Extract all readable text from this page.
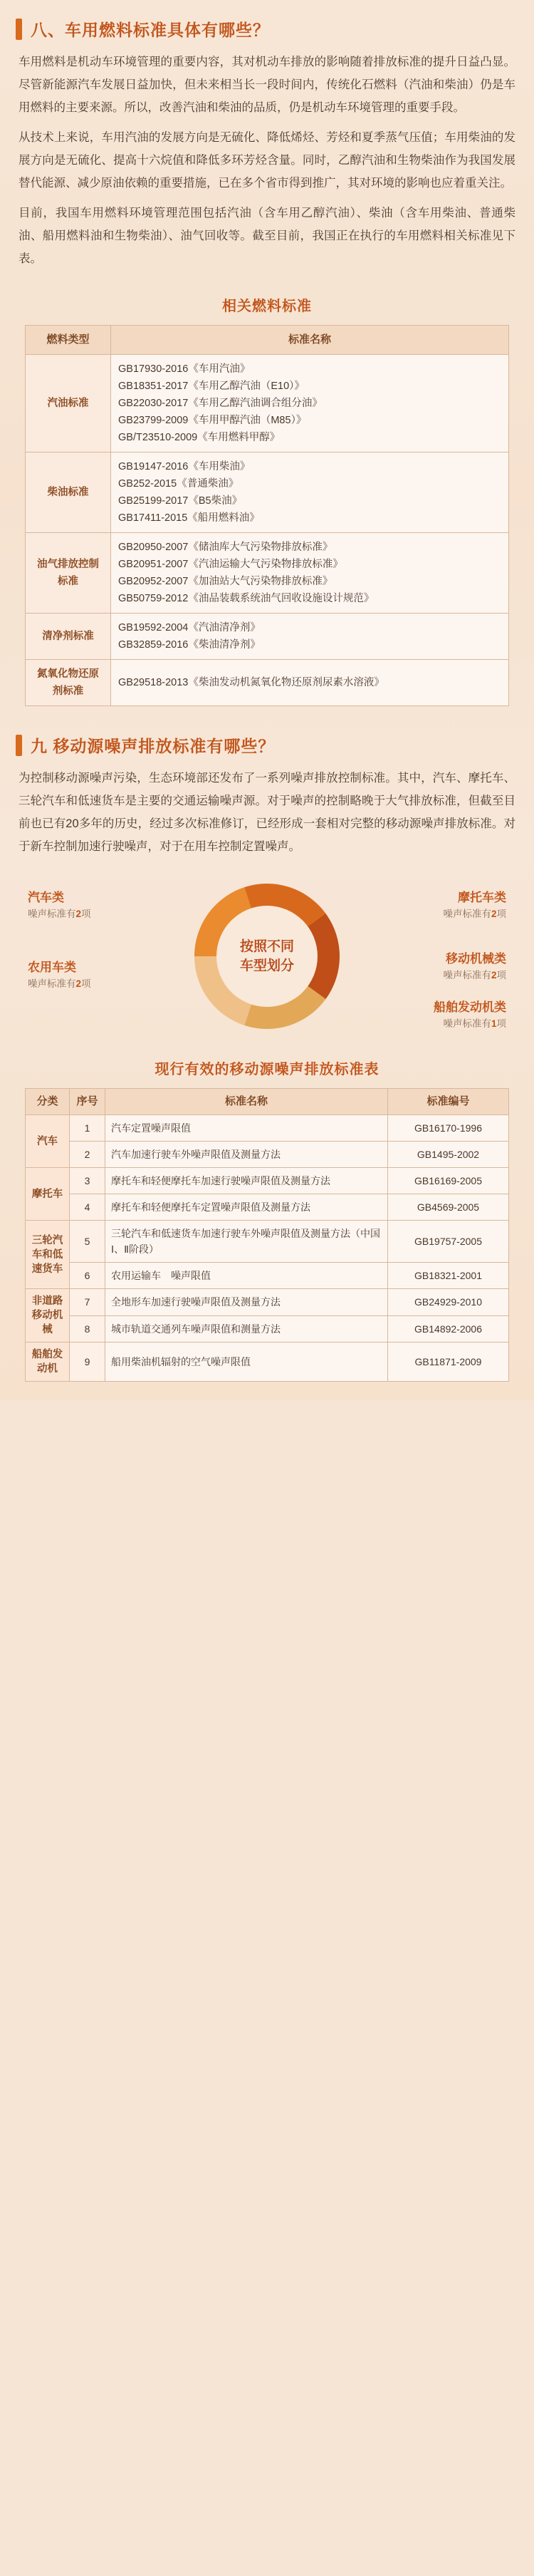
八、车用燃料标准具体有哪些？

车用燃料是机动车环境管理的重要内容，其对机动车排放的影响随着排放标准的提升日益凸显。尽管新能源汽车发展日益加快，但未来相当长一段时间内，传统化石燃料（汽油和柴油）仍是车用燃料的主要来源。所以，改善汽油和柴油的品质，仍是机动车环境管理的重要手段。

从技术上来说，车用汽油的发展方向是无硫化、降低烯烃、芳烃和夏季蒸气压值；车用柴油的发展方向是无硫化、提高十六烷值和降低多环芳烃含量。同时，乙醇汽油和生物柴油作为我国发展替代能源、减少原油依赖的重要措施，已在多个省市得到推广，其对环境的影响也应着重关注。

目前，我国车用燃料环境管理范围包括汽油（含车用乙醇汽油）、柴油（含车用柴油、普通柴油、船用燃料油和生物柴油）、油气回收等。截至目前，我国正在执行的车用燃料相关标准见下表。

相关燃料标准
燃料类型	标准名称
汽油标准	GB17930-2016《车用汽油》
GB18351-2017《车用乙醇汽油（E10）》
GB22030-2017《车用乙醇汽油调合组分油》
GB23799-2009《车用甲醇汽油（M85）》
GB/T23510-2009《车用燃料甲醇》

柴油标准	GB19147-2016《车用柴油》
GB252-2015《普通柴油》
GB25199-2017《B5柴油》
GB17411-2015《船用燃料油》

油气排放控制标准	GB20950-2007《储油库大气污染物排放标准》
GB20951-2007《汽油运输大气污染物排放标准》
GB20952-2007《加油站大气污染物排放标准》
GB50759-2012《油品装载系统油气回收设施设计规范》

清净剂标准	GB19592-2004《汽油清净剂》
GB32859-2016《柴油清净剂》

氮氧化物还原剂标准	GB29518-2013《柴油发动机氮氧化物还原剂尿素水溶液》
九 移动源噪声排放标准有哪些？

为控制移动源噪声污染，生态环境部还发布了一系列噪声排放控制标准。其中，汽车、摩托车、三轮汽车和低速货车是主要的交通运输噪声源。对于噪声的控制略晚于大气排放标准，但截至目前也已有20多年的历史，经过多次标准修订，已经形成一套相对完整的移动源噪声排放标准。对于新车控制加速行驶噪声，对于在用车控制定置噪声。

按照不同
车型划分
汽车类
噪声标准有2项
农用车类
噪声标准有2项
摩托车类
噪声标准有2项
移动机械类
噪声标准有2项
船舶发动机类
噪声标准有1项
现行有效的移动源噪声排放标准表
分类	序号	标准名称	标准编号
汽车	1	汽车定置噪声限值	GB16170-1996
	2	汽车加速行驶车外噪声限值及测量方法	GB1495-2002
摩托车	3	摩托车和轻便摩托车加速行驶噪声限值及测量方法	GB16169-2005
	4	摩托车和轻便摩托车定置噪声限值及测量方法	GB4569-2005
三轮汽车和低速货车	5	三轮汽车和低速货车加速行驶车外噪声限值及测量方法（中国Ⅰ、Ⅱ阶段）	GB19757-2005
	6	农用运输车　噪声限值	GB18321-2001
非道路移动机械	7	全地形车加速行驶噪声限值及测量方法	GB24929-2010
	8	城市轨道交通列车噪声限值和测量方法	GB14892-2006
船舶发动机	9	船用柴油机辐射的空气噪声限值	GB11871-2009
